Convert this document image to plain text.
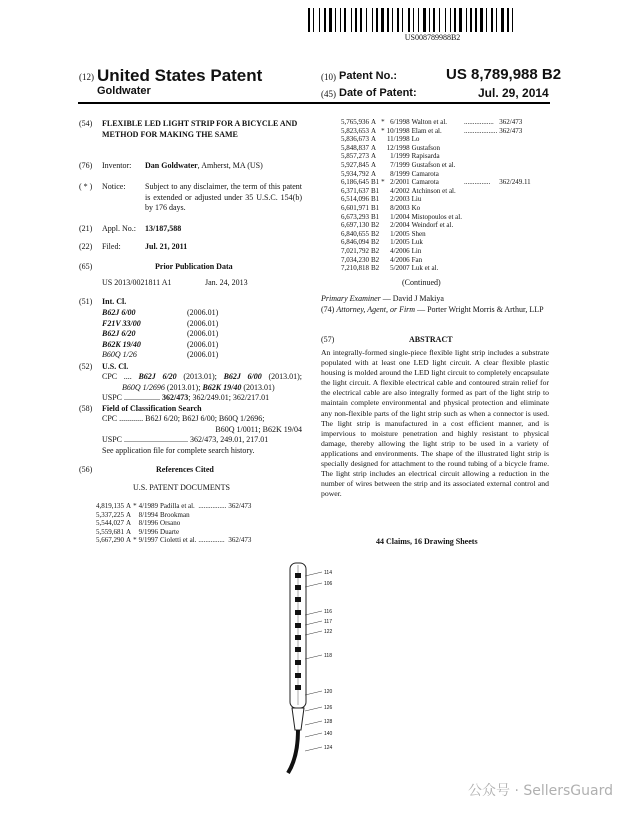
US008789988B2
(12) United States Patent
Goldwater
(10) Patent No.:	US 8,789,988 B2
(45) Date of Patent:	Jul. 29, 2014
(54) FLEXIBLE LED LIGHT STRIP FOR A BICYCLE AND METHOD FOR MAKING THE SAME
(76) Inventor: Dan Goldwater, Amherst, MA (US)
( * ) Notice: Subject to any disclaimer, the term of this patent is extended or adjusted under 35 U.S.C. 154(b) by 176 days.
(21) Appl. No.: 13/187,588
(22) Filed:	Jul. 21, 2011
(65)	Prior Publication Data
US 2013/0021811 A1	Jan. 24, 2013
(51) Int. Cl.
B62J 6/00	(2006.01)
F21V 33/00	(2006.01)
B62J 6/20	(2006.01)
B62K 19/40	(2006.01)
B60Q 1/26	(2006.01)
(52) U.S. Cl.
CPC .... B62J 6/20 (2013.01); B62J 6/00 (2013.01);
B60Q 1/2696 (2013.01); B62K 19/40 (2013.01)
USPC .................. 362/473; 362/249.01; 362/217.01
(58) Field of Classification Search
CPC ............ B62J 6/20; B62J 6/00; B60Q 1/2696;
B60Q 1/0011; B62K 19/04
USPC ................................ 362/473, 249.01, 217.01
See application file for complete search history.
(56)	References Cited
U.S. PATENT DOCUMENTS
4,819,135	A	*	4/1989	Padilla et al.	................	362/473
5,337,225	A		8/1994	Brookman		
5,544,027	A		8/1996	Orsano		
5,559,681	A		9/1996	Duarte		
5,667,290	A	*	9/1997	Cioletti et al.	...............	362/473
5,765,936	A	*	6/1998	Walton et al.	.................	362/473
5,823,653	A	*	10/1998	Elam et al.	...................	362/473
5,836,673	A		11/1998	Lo		
5,848,837	A		12/1998	Gustafson		
5,857,273	A		1/1999	Rapisarda		
5,927,845	A		7/1999	Gustafson et al.		
5,934,792	A		8/1999	Camarota		
6,186,645	B1	*	2/2001	Camarota	...............	362/249.11
6,371,637	B1		4/2002	Atchinson et al.		
6,514,096	B1		2/2003	Liu		
6,601,971	B1		8/2003	Ko		
6,673,293	B1		1/2004	Mistopoulos et al.		
6,697,130	B2		2/2004	Weindorf et al.		
6,840,655	B2		1/2005	Shen		
6,846,094	B2		1/2005	Luk		
7,021,792	B2		4/2006	Lin		
7,034,230	B2		4/2006	Fan		
7,210,818	B2		5/2007	Luk et al.		
(Continued)
Primary Examiner — David J Makiya
(74) Attorney, Agent, or Firm — Porter Wright Morris & Arthur, LLP
(57)	ABSTRACT
An integrally-formed single-piece flexible light strip includes a substrate populated with at least one LED light circuit. A clear flexible plastic housing is molded around the LED light circuit to completely encapsulate the light circuit. A flexible electrical cable and contoured strain relief for the electrical cable are also integrally formed as part of the light strip to maintain complete environmental and physical protection and eliminate any non-flexible parts of the light strip such as when a connector is used. The light strip is manufactured in a cost efficient manner, and is impervious to moisture penetration and highly resistant to physical damage, thereby allowing the light strip to be used in a variety of applications and environments. The shape of the illustrated light strip is specially designed for attachment to the round tubing of a bicycle frame. The light strip includes an electrical circuit allowing a reduction in the number of wires between the strip and its associated external control and power.
44 Claims, 16 Drawing Sheets
114
106
116
117
122
118
120
126
128
140
124
公众号 · SellersGuard
